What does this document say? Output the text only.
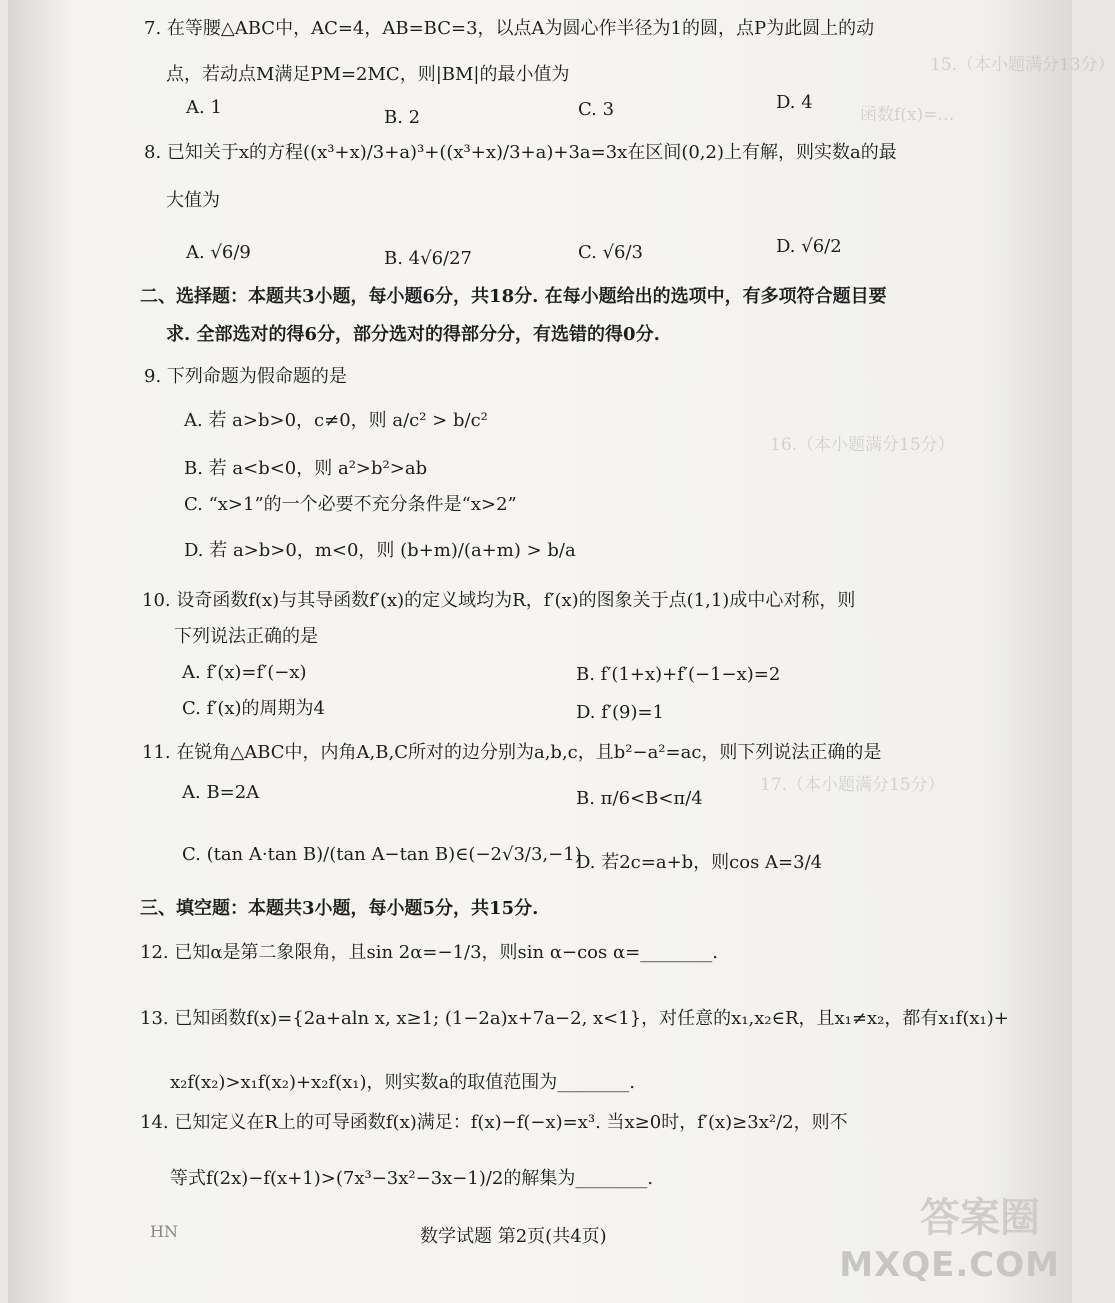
15.（本小题满分13分）
函数f(x)=…
16.（本小题满分15分）
17.（本小题满分15分）
7. 在等腰△ABC中，AC=4，AB=BC=3，以点A为圆心作半径为1的圆，点P为此圆上的动
点，若动点M满足PM=2MC，则|BM|的最小值为
A. 1	B. 2	C. 3	D. 4
8. 已知关于x的方程((x³+x)/3+a)³+((x³+x)/3+a)+3a=3x在区间(0,2)上有解，则实数a的最
大值为
A. √6/9	B. 4√6/27	C. √6/3	D. √6/2
二、选择题：本题共3小题，每小题6分，共18分. 在每小题给出的选项中，有多项符合题目要
求. 全部选对的得6分，部分选对的得部分分，有选错的得0分.
9. 下列命题为假命题的是
A. 若 a>b>0，c≠0，则 a/c² > b/c²
B. 若 a<b<0，则 a²>b²>ab
C. “x>1”的一个必要不充分条件是“x>2”
D. 若 a>b>0，m<0，则 (b+m)/(a+m) > b/a
10. 设奇函数f(x)与其导函数f′(x)的定义域均为R，f′(x)的图象关于点(1,1)成中心对称，则
下列说法正确的是
A. f′(x)=f′(−x)	B. f′(1+x)+f′(−1−x)=2
C. f′(x)的周期为4	D. f′(9)=1
11. 在锐角△ABC中，内角A,B,C所对的边分别为a,b,c，且b²−a²=ac，则下列说法正确的是
A. B=2A	B. π/6<B<π/4
C. (tan A·tan B)/(tan A−tan B)∈(−2√3/3,−1)
D. 若2c=a+b，则cos A=3/4
三、填空题：本题共3小题，每小题5分，共15分.
12. 已知α是第二象限角，且sin 2α=−1/3，则sin α−cos α=________.
13. 已知函数f(x)={2a+aln x, x≥1; (1−2a)x+7a−2, x<1}，对任意的x₁,x₂∈R，且x₁≠x₂，都有x₁f(x₁)+
x₂f(x₂)>x₁f(x₂)+x₂f(x₁)，则实数a的取值范围为________.
14. 已知定义在R上的可导函数f(x)满足：f(x)−f(−x)=x³. 当x≥0时，f′(x)≥3x²/2，则不
等式f(2x)−f(x+1)>(7x³−3x²−3x−1)/2的解集为________.
HN	数学试题 第2页(共4页)	答案圈
MXQE.COM
